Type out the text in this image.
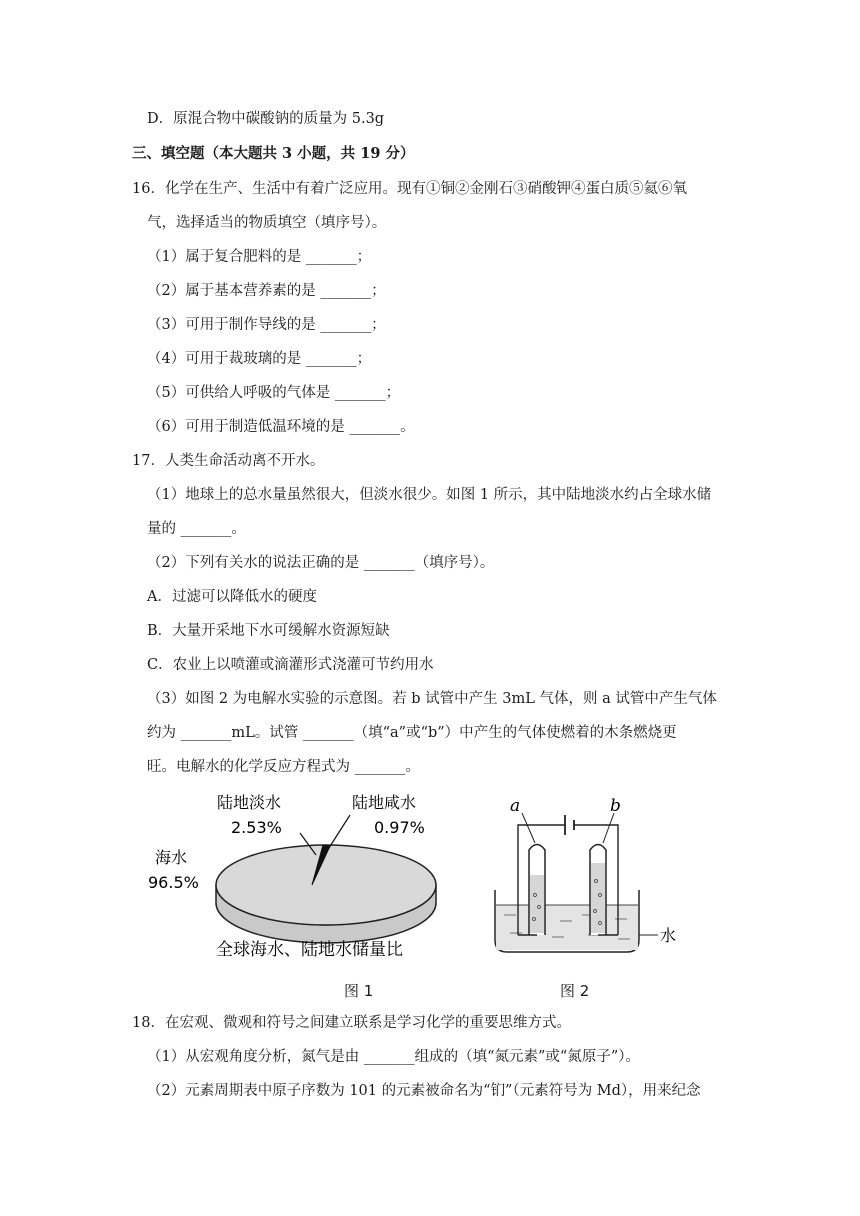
D．原混合物中碳酸钠的质量为 5.3g
三、填空题（本大题共 3 小题，共 19 分）
16．化学在生产、生活中有着广泛应用。现有①铜②金刚石③硝酸钾④蛋白质⑤氦⑥氧
气，选择适当的物质填空（填序号）。
（1）属于复合肥料的是 _______；
（2）属于基本营养素的是 _______；
（3）可用于制作导线的是 _______；
（4）可用于裁玻璃的是 _______；
（5）可供给人呼吸的气体是 _______；
（6）可用于制造低温环境的是 _______。
17．人类生命活动离不开水。
（1）地球上的总水量虽然很大，但淡水很少。如图 1 所示，其中陆地淡水约占全球水储
量的 _______。
（2）下列有关水的说法正确的是 _______（填序号）。
A．过滤可以降低水的硬度
B．大量开采地下水可缓解水资源短缺
C．农业上以喷灌或滴灌形式浇灌可节约用水
（3）如图 2 为电解水实验的示意图。若 b 试管中产生 3mL 气体，则 a 试管中产生气体
约为 _______mL。试管 _______（填“a”或“b”）中产生的气体使燃着的木条燃烧更
旺。电解水的化学反应方程式为 _______。
陆地淡水
2.53%
陆地咸水
0.97%
海水
96.5%
全球海水、陆地水储量比
图 1
a	b
水
图 2
18．在宏观、微观和符号之间建立联系是学习化学的重要思维方式。
（1）从宏观角度分析，氮气是由 _______组成的（填“氮元素”或“氮原子”）。
（2）元素周期表中原子序数为 101 的元素被命名为“钔”（元素符号为 Md），用来纪念
